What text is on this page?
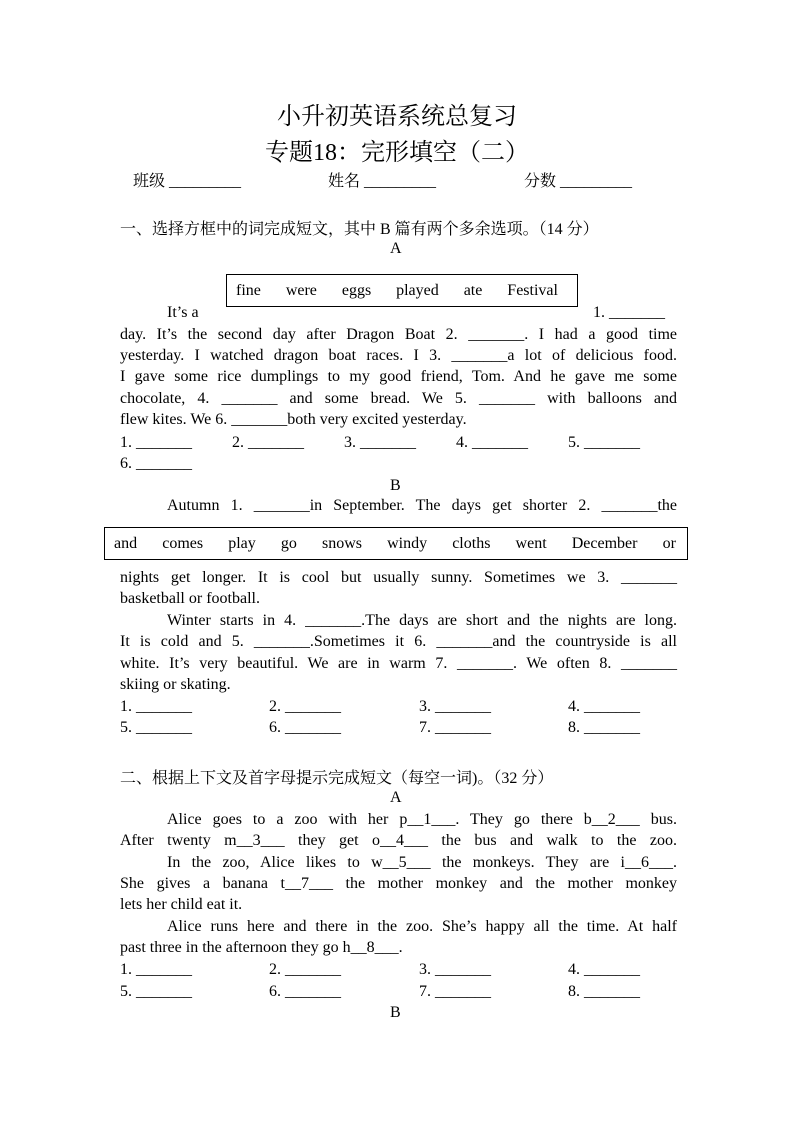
小升初英语系统总复习
专题18：完形填空（二）
班级 _________	姓名 _________	分数 _________
一、选择方框中的词完成短文，其中 B 篇有两个多余选项。（14 分）
A
fine were eggs played ate Festival
It’s a	1. _______
day. It’s the second day after Dragon Boat 2. _______. I had a good time
yesterday. I watched dragon boat races. I 3. _______a lot of delicious food.
I gave some rice dumplings to my good friend, Tom. And he gave me some
chocolate, 4. _______ and some bread. We 5. _______ with balloons and
flew kites. We 6. _______both very excited yesterday.
1. _______	2. _______	3. _______	4. _______	5. _______
6. _______
B
Autumn 1. _______in September. The days get shorter 2. _______the
and comes play go snows windy cloths went December or
nights get longer. It is cool but usually sunny. Sometimes we 3. _______
basketball or football.
Winter starts in 4. _______.The days are short and the nights are long.
It is cold and 5. _______.Sometimes it 6. _______and the countryside is all
white. It’s very beautiful. We are in warm 7. _______. We often 8. _______
skiing or skating.
1. _______	2. _______	3. _______	4. _______
5. _______	6. _______	7. _______	8. _______
二、根据上下文及首字母提示完成短文（每空一词)。（32 分）
A
Alice goes to a zoo with her p__1___. They go there b__2___ bus.
After twenty m__3___ they get o__4___ the bus and walk to the zoo.
In the zoo, Alice likes to w__5___ the monkeys. They are i__6___.
She gives a banana t__7___ the mother monkey and the mother monkey
lets her child eat it.
Alice runs here and there in the zoo. She’s happy all the time. At half
past three in the afternoon they go h__8___.
1. _______	2. _______	3. _______	4. _______
5. _______	6. _______	7. _______	8. _______
B
